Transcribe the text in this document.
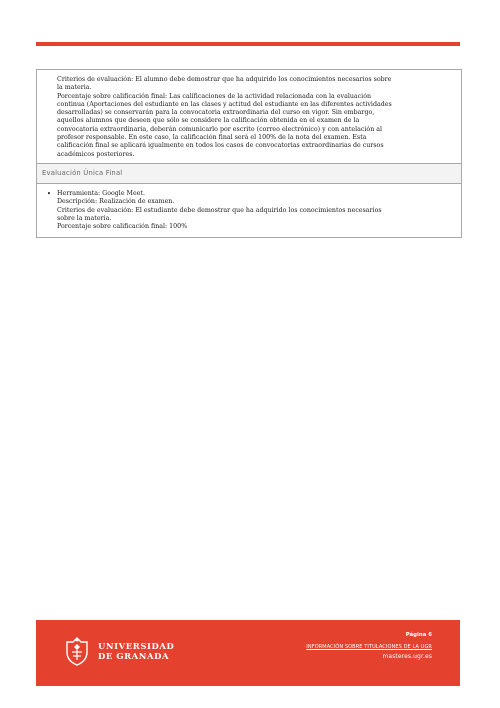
Criterios de evaluación: El alumno debe demostrar que ha adquirido los conocimientos necesarios sobre

la materia.

Porcentaje sobre calificación final: Las calificaciones de la actividad relacionada con la evaluación

continua (Aportaciones del estudiante en las clases y actitud del estudiante en las diferentes actividades

desarrolladas) se conservarán para la convocatoria extraordinaria del curso en vigor. Sin embargo,

aquellos alumnos que deseen que sólo se considere la calificación obtenida en el examen de la

convocatoria extraordinaria, deberán comunicarlo por escrito (correo electrónico) y con antelación al

profesor responsable. En este caso, la calificación final será el 100% de la nota del examen. Esta

calificación final se aplicará igualmente en todos los casos de convocatorias extraordinarias de cursos

académicos posteriores.

Evaluación Única Final
• Herramienta: Google Meet.

Descripción: Realización de examen.

Criterios de evaluación: El estudiante debe demostrar que ha adquirido los conocimientos necesarios

sobre la materia.

Porcentaje sobre calificación final: 100%

UNIVERSIDAD
DE GRANADA
Página 6
INFORMACIÓN SOBRE TITULACIONES DE LA UGR
masteres.ugr.es
